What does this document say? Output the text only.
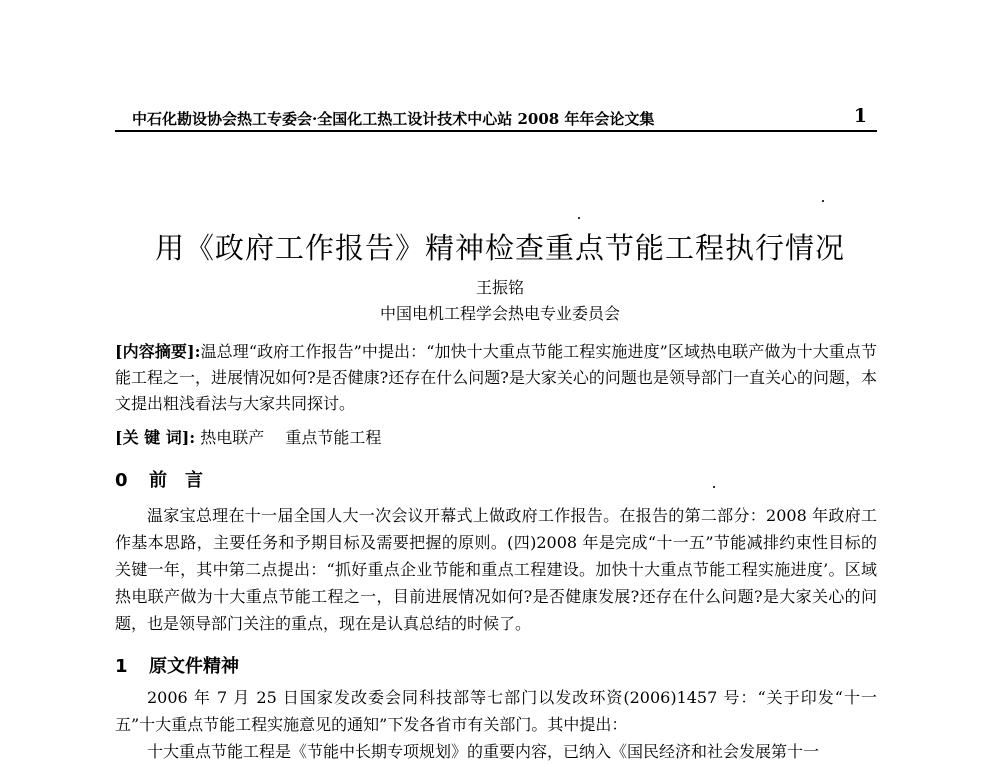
中石化勘设协会热工专委会·全国化工热工设计技术中心站 2008 年年会论文集	1
用《政府工作报告》精神检查重点节能工程执行情况
王振铭
中国电机工程学会热电专业委员会
[内容摘要]:温总理“政府工作报告”中提出：“加快十大重点节能工程实施进度”区域热电联产做为十大重点节能工程之一，进展情况如何?是否健康?还存在什么问题?是大家关心的问题也是领导部门一直关心的问题，本文提出粗浅看法与大家共同探讨。
[关 键 词]: 热电联产 重点节能工程
0 前　言
温家宝总理在十一届全国人大一次会议开幕式上做政府工作报告。在报告的第二部分：2008 年政府工作基本思路，主要任务和予期目标及需要把握的原则。(四)2008 年是完成“十一五”节能减排约束性目标的关键一年，其中第二点提出：“抓好重点企业节能和重点工程建设。加快十大重点节能工程实施进度’。区域热电联产做为十大重点节能工程之一，目前进展情况如何?是否健康发展?还存在什么问题?是大家关心的问题，也是领导部门关注的重点，现在是认真总结的时候了。
1 原文件精神
2006 年 7 月 25 日国家发改委会同科技部等七部门以发改环资(2006)1457 号：“关于印发“十一五”十大重点节能工程实施意见的通知”下发各省市有关部门。其中提出：
十大重点节能工程是《节能中长期专项规划》的重要内容，已纳入《国民经济和社会发展第十一
